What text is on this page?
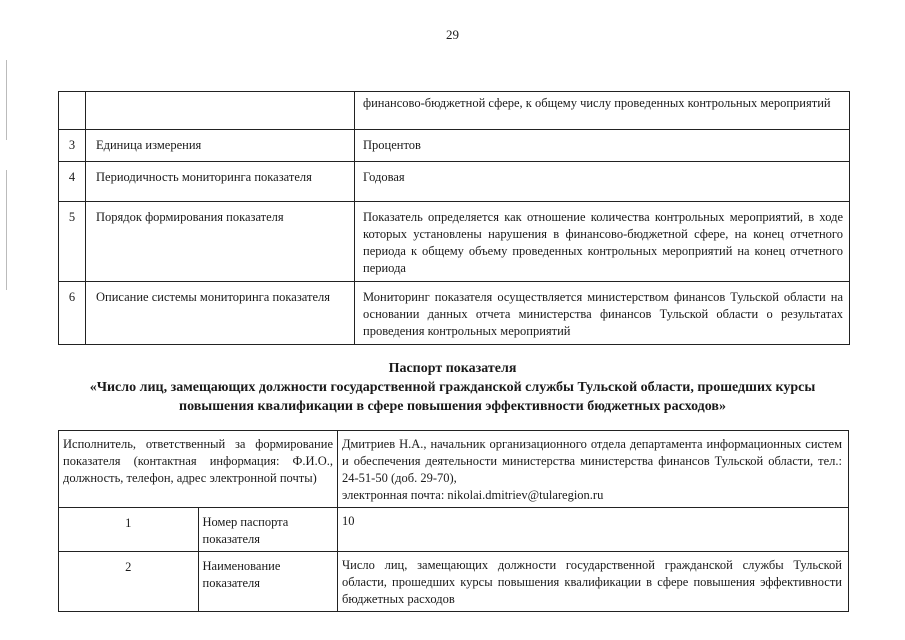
29
		финансово-бюджетной сфере, к общему числу проведенных контрольных мероприятий
3	Единица измерения	Процентов
4	Периодичность мониторинга показателя	Годовая
5	Порядок формирования показателя	Показатель определяется как отношение количества контрольных мероприятий, в ходе которых установлены нарушения в финансово-бюджетной сфере, на конец отчетного периода к общему объему проведенных контрольных мероприятий на конец отчетного периода
6	Описание системы мониторинга показателя	Мониторинг показателя осуществляется министерством финансов Тульской области на основании данных отчета министерства финансов Тульской области о результатах проведения контрольных мероприятий
Паспорт показателя
«Число лиц, замещающих должности государственной гражданской службы Тульской области, прошедших курсы повышения квалификации в сфере повышения эффективности бюджетных расходов»
Исполнитель, ответственный за формирование показателя (контактная информация: Ф.И.О., должность, телефон, адрес электронной почты)		Дмитриев Н.А., начальник организационного отдела департамента информационных систем и обеспечения деятельности министерства министерства финансов Тульской области, тел.: 24-51-50 (доб. 29-70),
электронная почта: nikolai.dmitriev@tularegion.ru
1	Номер паспорта показателя	10
2	Наименование показателя	Число лиц, замещающих должности государственной гражданской службы Тульской области, прошедших курсы повышения квалификации в сфере повышения эффективности бюджетных расходов
